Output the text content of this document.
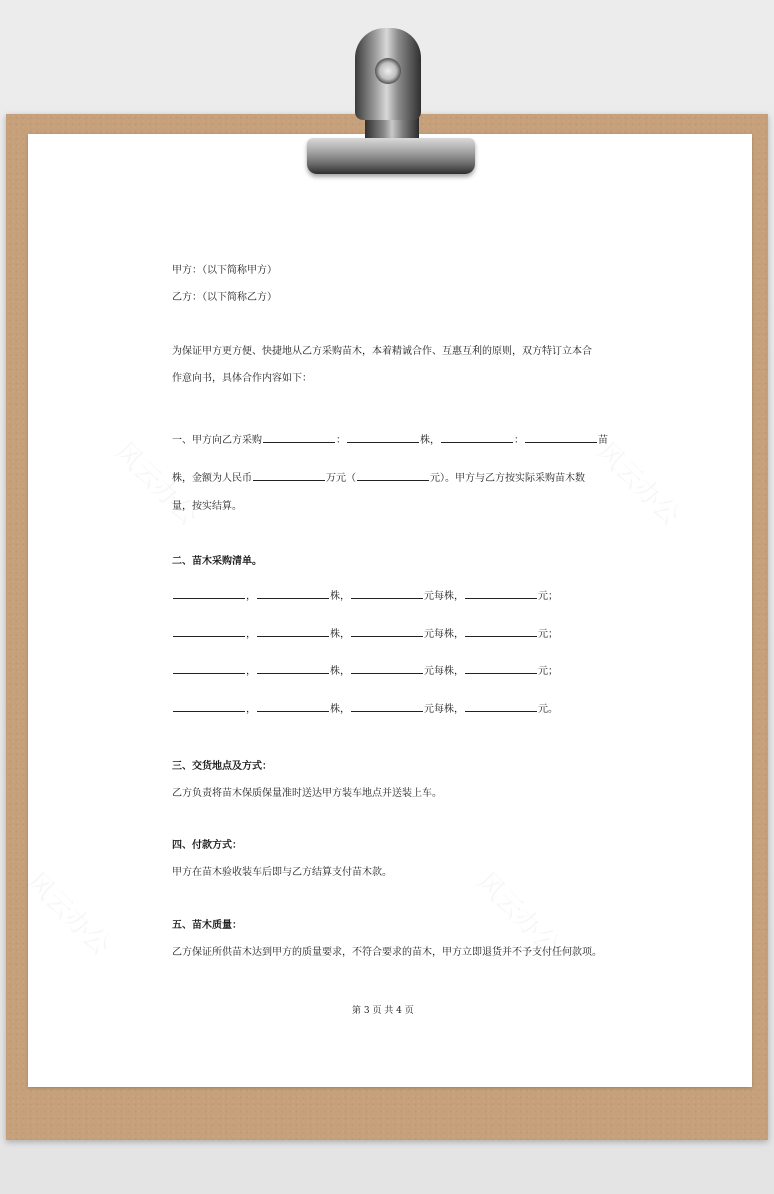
甲方：（以下简称甲方）
乙方：（以下简称乙方）
为保证甲方更方便、快捷地从乙方采购苗木，本着精诚合作、互惠互利的原则，双方特订立本合
作意向书，具体合作内容如下：
一、甲方向乙方采购	：	株，	：	苗
株，金额为人民币	万元（	元）。甲方与乙方按实际采购苗木数
量，按实结算。
二、苗木采购清单。
，	株，	元每株，	元；
，	株，	元每株，	元；
，	株，	元每株，	元；
，	株，	元每株，	元。
三、交货地点及方式：
乙方负责将苗木保质保量准时送达甲方装车地点并送装上车。
四、付款方式：
甲方在苗木验收装车后即与乙方结算支付苗木款。
五、苗木质量：
乙方保证所供苗木达到甲方的质量要求，不符合要求的苗木，甲方立即退货并不予支付任何款项。
第 3 页 共 4 页
